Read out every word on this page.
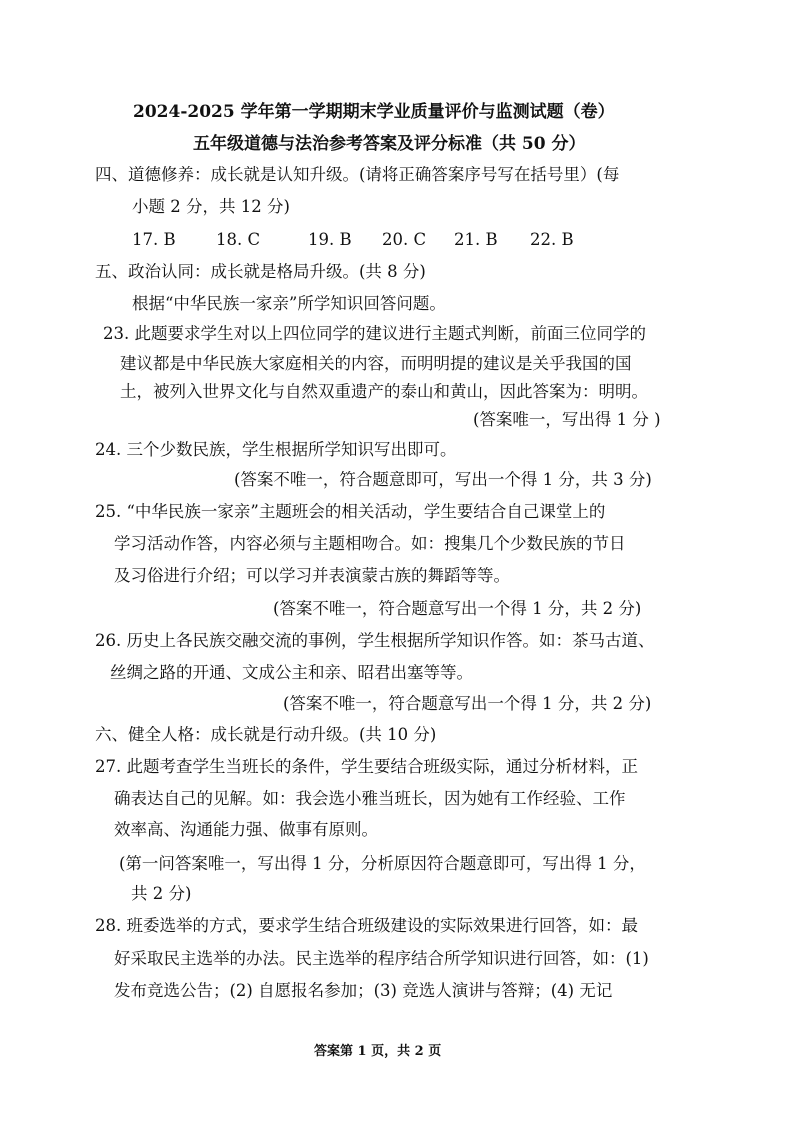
2024-2025 学年第一学期期末学业质量评价与监测试题（卷）
五年级道德与法治参考答案及评分标准（共 50 分）
四、道德修养：成长就是认知升级。(请将正确答案序号写在括号里）(每
小题 2 分，共 12 分)
17. B 18. C	19. B 20. C 21. B 22. B
五、政治认同：成长就是格局升级。(共 8 分)
根据“中华民族一家亲”所学知识回答问题。
23. 此题要求学生对以上四位同学的建议进行主题式判断，前面三位同学的
建议都是中华民族大家庭相关的内容，而明明提的建议是关乎我国的国
土，被列入世界文化与自然双重遗产的泰山和黄山，因此答案为：明明。
(答案唯一，写出得 1 分 )
24. 三个少数民族，学生根据所学知识写出即可。
(答案不唯一，符合题意即可，写出一个得 1 分，共 3 分)
25. “中华民族一家亲”主题班会的相关活动，学生要结合自己课堂上的
学习活动作答，内容必须与主题相吻合。如：搜集几个少数民族的节日
及习俗进行介绍；可以学习并表演蒙古族的舞蹈等等。
(答案不唯一，符合题意写出一个得 1 分，共 2 分)
26. 历史上各民族交融交流的事例，学生根据所学知识作答。如：茶马古道、
丝绸之路的开通、文成公主和亲、昭君出塞等等。
(答案不唯一，符合题意写出一个得 1 分，共 2 分)
六、健全人格：成长就是行动升级。(共 10 分)
27. 此题考查学生当班长的条件，学生要结合班级实际，通过分析材料，正
确表达自己的见解。如：我会选小雅当班长，因为她有工作经验、工作
效率高、沟通能力强、做事有原则。
(第一问答案唯一，写出得 1 分，分析原因符合题意即可，写出得 1 分，
共 2 分)
28. 班委选举的方式，要求学生结合班级建设的实际效果进行回答，如：最
好采取民主选举的办法。民主选举的程序结合所学知识进行回答，如：(1)
发布竞选公告；(2) 自愿报名参加；(3) 竞选人演讲与答辩；(4) 无记
答案第 1 页，共 2 页
